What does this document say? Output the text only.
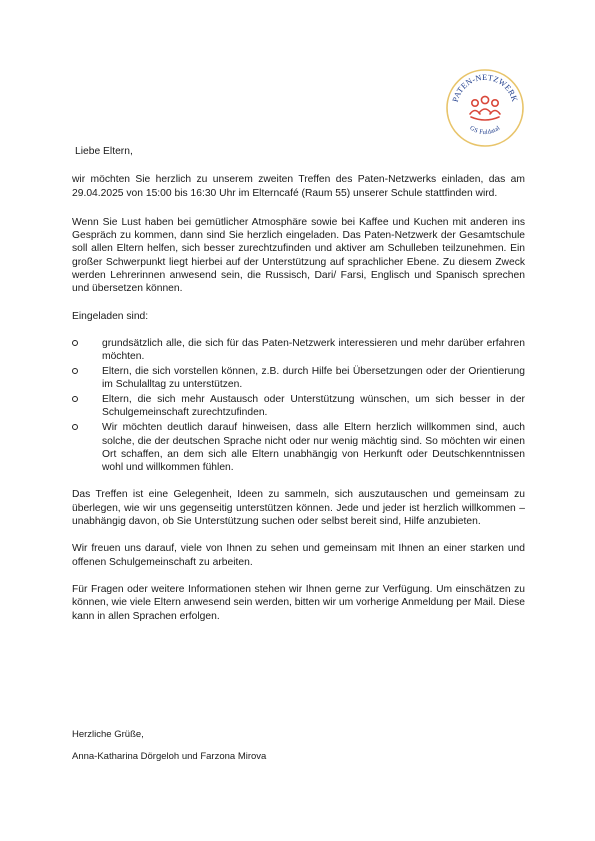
PATEN-NETZWERK
GS Fuldatal
Liebe Eltern,

wir möchten Sie herzlich zu unserem zweiten Treffen des Paten-Netzwerks einladen, das am 29.04.2025 von 15:00 bis 16:30 Uhr im Elterncafé (Raum 55) unserer Schule stattfinden wird.

Wenn Sie Lust haben bei gemütlicher Atmosphäre sowie bei Kaffee und Kuchen mit anderen ins Gespräch zu kommen, dann sind Sie herzlich eingeladen. Das Paten-Netzwerk der Gesamtschule soll allen Eltern helfen, sich besser zurechtzufinden und aktiver am Schulleben teilzunehmen. Ein großer Schwerpunkt liegt hierbei auf der Unterstützung auf sprachlicher Ebene. Zu diesem Zweck werden Lehrerinnen anwesend sein, die Russisch, Dari/ Farsi, Englisch und Spanisch sprechen und übersetzen können.

Eingeladen sind:

grundsätzlich alle, die sich für das Paten-Netzwerk interessieren und mehr darüber erfahren möchten.
Eltern, die sich vorstellen können, z.B. durch Hilfe bei Übersetzungen oder der Orientierung im Schulalltag zu unterstützen.
Eltern, die sich mehr Austausch oder Unterstützung wünschen, um sich besser in der Schulgemeinschaft zurechtzufinden.
Wir möchten deutlich darauf hinweisen, dass alle Eltern herzlich willkommen sind, auch solche, die der deutschen Sprache nicht oder nur wenig mächtig sind. So möchten wir einen Ort schaffen, an dem sich alle Eltern unabhängig von Herkunft oder Deutschkenntnissen wohl und willkommen fühlen.

Das Treffen ist eine Gelegenheit, Ideen zu sammeln, sich auszutauschen und gemeinsam zu überlegen, wie wir uns gegenseitig unterstützen können. Jede und jeder ist herzlich willkommen – unabhängig davon, ob Sie Unterstützung suchen oder selbst bereit sind, Hilfe anzubieten.

Wir freuen uns darauf, viele von Ihnen zu sehen und gemeinsam mit Ihnen an einer starken und offenen Schulgemeinschaft zu arbeiten.

Für Fragen oder weitere Informationen stehen wir Ihnen gerne zur Verfügung. Um einschätzen zu können, wie viele Eltern anwesend sein werden, bitten wir um vorherige Anmeldung per Mail. Diese kann in allen Sprachen erfolgen.

Herzliche Grüße,
Anna-Katharina Dörgeloh und Farzona Mirova
